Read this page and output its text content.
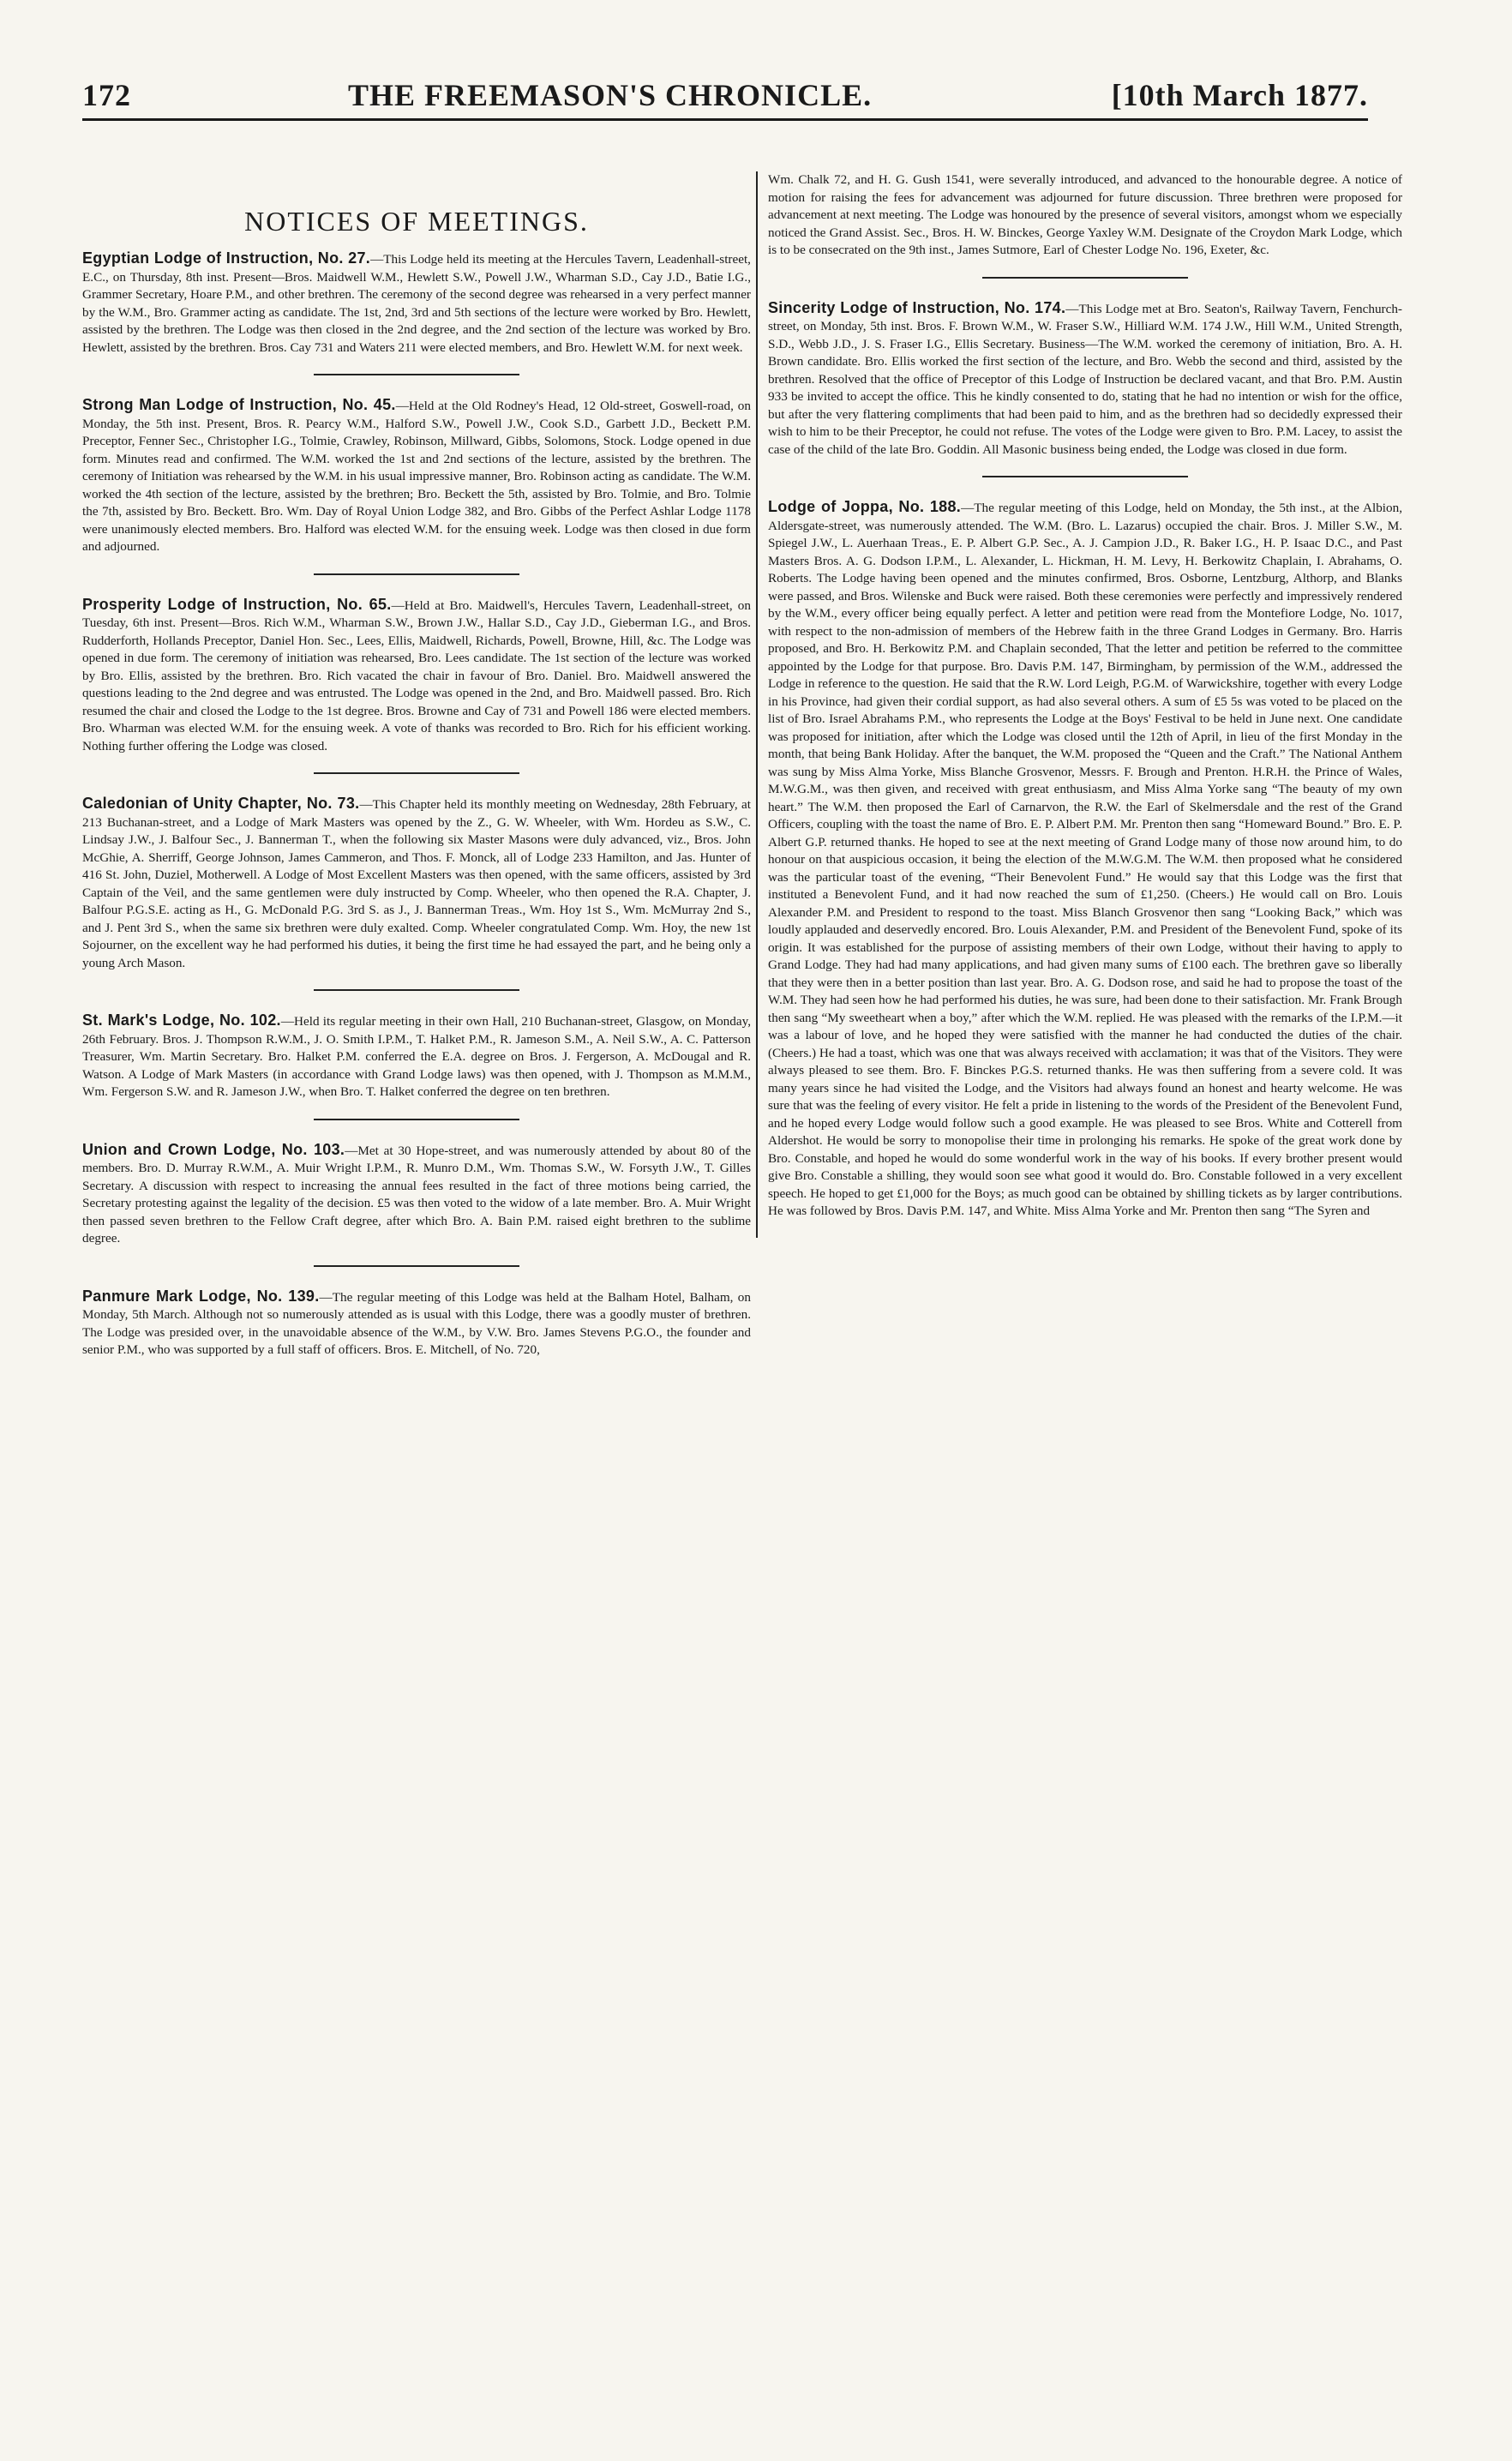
172	THE FREEMASON'S CHRONICLE.	[10th March 1877.
NOTICES OF MEETINGS.

Egyptian Lodge of Instruction, No. 27.—This Lodge held its meeting at the Hercules Tavern, Leadenhall-street, E.C., on Thursday, 8th inst. Present—Bros. Maidwell W.M., Hewlett S.W., Powell J.W., Wharman S.D., Cay J.D., Batie I.G., Grammer Secretary, Hoare P.M., and other brethren. The ceremony of the second degree was rehearsed in a very perfect manner by the W.M., Bro. Grammer acting as candidate. The 1st, 2nd, 3rd and 5th sections of the lecture were worked by Bro. Hewlett, assisted by the brethren. The Lodge was then closed in the 2nd degree, and the 2nd section of the lecture was worked by Bro. Hewlett, assisted by the brethren. Bros. Cay 731 and Waters 211 were elected members, and Bro. Hewlett W.M. for next week.

Strong Man Lodge of Instruction, No. 45.—Held at the Old Rodney's Head, 12 Old-street, Goswell-road, on Monday, the 5th inst. Present, Bros. R. Pearcy W.M., Halford S.W., Powell J.W., Cook S.D., Garbett J.D., Beckett P.M. Preceptor, Fenner Sec., Christopher I.G., Tolmie, Crawley, Robinson, Millward, Gibbs, Solomons, Stock. Lodge opened in due form. Minutes read and confirmed. The W.M. worked the 1st and 2nd sections of the lecture, assisted by the brethren. The ceremony of Initiation was rehearsed by the W.M. in his usual impressive manner, Bro. Robinson acting as candidate. The W.M. worked the 4th section of the lecture, assisted by the brethren; Bro. Beckett the 5th, assisted by Bro. Tolmie, and Bro. Tolmie the 7th, assisted by Bro. Beckett. Bro. Wm. Day of Royal Union Lodge 382, and Bro. Gibbs of the Perfect Ashlar Lodge 1178 were unanimously elected members. Bro. Halford was elected W.M. for the ensuing week. Lodge was then closed in due form and adjourned.

Prosperity Lodge of Instruction, No. 65.—Held at Bro. Maidwell's, Hercules Tavern, Leadenhall-street, on Tuesday, 6th inst. Present—Bros. Rich W.M., Wharman S.W., Brown J.W., Hallar S.D., Cay J.D., Gieberman I.G., and Bros. Rudderforth, Hollands Preceptor, Daniel Hon. Sec., Lees, Ellis, Maidwell, Richards, Powell, Browne, Hill, &c. The Lodge was opened in due form. The ceremony of initiation was rehearsed, Bro. Lees candidate. The 1st section of the lecture was worked by Bro. Ellis, assisted by the brethren. Bro. Rich vacated the chair in favour of Bro. Daniel. Bro. Maidwell answered the questions leading to the 2nd degree and was entrusted. The Lodge was opened in the 2nd, and Bro. Maidwell passed. Bro. Rich resumed the chair and closed the Lodge to the 1st degree. Bros. Browne and Cay of 731 and Powell 186 were elected members. Bro. Wharman was elected W.M. for the ensuing week. A vote of thanks was recorded to Bro. Rich for his efficient working. Nothing further offering the Lodge was closed.

Caledonian of Unity Chapter, No. 73.—This Chapter held its monthly meeting on Wednesday, 28th February, at 213 Buchanan-street, and a Lodge of Mark Masters was opened by the Z., G. W. Wheeler, with Wm. Hordeu as S.W., C. Lindsay J.W., J. Balfour Sec., J. Bannerman T., when the following six Master Masons were duly advanced, viz., Bros. John McGhie, A. Sherriff, George Johnson, James Cammeron, and Thos. F. Monck, all of Lodge 233 Hamilton, and Jas. Hunter of 416 St. John, Duziel, Motherwell. A Lodge of Most Excellent Masters was then opened, with the same officers, assisted by 3rd Captain of the Veil, and the same gentlemen were duly instructed by Comp. Wheeler, who then opened the R.A. Chapter, J. Balfour P.G.S.E. acting as H., G. McDonald P.G. 3rd S. as J., J. Bannerman Treas., Wm. Hoy 1st S., Wm. McMurray 2nd S., and J. Pent 3rd S., when the same six brethren were duly exalted. Comp. Wheeler congratulated Comp. Wm. Hoy, the new 1st Sojourner, on the excellent way he had performed his duties, it being the first time he had essayed the part, and he being only a young Arch Mason.

St. Mark's Lodge, No. 102.—Held its regular meeting in their own Hall, 210 Buchanan-street, Glasgow, on Monday, 26th February. Bros. J. Thompson R.W.M., J. O. Smith I.P.M., T. Halket P.M., R. Jameson S.M., A. Neil S.W., A. C. Patterson Treasurer, Wm. Martin Secretary. Bro. Halket P.M. conferred the E.A. degree on Bros. J. Fergerson, A. McDougal and R. Watson. A Lodge of Mark Masters (in accordance with Grand Lodge laws) was then opened, with J. Thompson as M.M.M., Wm. Fergerson S.W. and R. Jameson J.W., when Bro. T. Halket conferred the degree on ten brethren.

Union and Crown Lodge, No. 103.—Met at 30 Hope-street, and was numerously attended by about 80 of the members. Bro. D. Murray R.W.M., A. Muir Wright I.P.M., R. Munro D.M., Wm. Thomas S.W., W. Forsyth J.W., T. Gilles Secretary. A discussion with respect to increasing the annual fees resulted in the fact of three motions being carried, the Secretary protesting against the legality of the decision. £5 was then voted to the widow of a late member. Bro. A. Muir Wright then passed seven brethren to the Fellow Craft degree, after which Bro. A. Bain P.M. raised eight brethren to the sublime degree.

Panmure Mark Lodge, No. 139.—The regular meeting of this Lodge was held at the Balham Hotel, Balham, on Monday, 5th March. Although not so numerously attended as is usual with this Lodge, there was a goodly muster of brethren. The Lodge was presided over, in the unavoidable absence of the W.M., by V.W. Bro. James Stevens P.G.O., the founder and senior P.M., who was supported by a full staff of officers. Bros. E. Mitchell, of No. 720,

Wm. Chalk 72, and H. G. Gush 1541, were severally introduced, and advanced to the honourable degree. A notice of motion for raising the fees for advancement was adjourned for future discussion. Three brethren were proposed for advancement at next meeting. The Lodge was honoured by the presence of several visitors, amongst whom we especially noticed the Grand Assist. Sec., Bros. H. W. Binckes, George Yaxley W.M. Designate of the Croydon Mark Lodge, which is to be consecrated on the 9th inst., James Sutmore, Earl of Chester Lodge No. 196, Exeter, &c.

Sincerity Lodge of Instruction, No. 174.—This Lodge met at Bro. Seaton's, Railway Tavern, Fenchurch-street, on Monday, 5th inst. Bros. F. Brown W.M., W. Fraser S.W., Hilliard W.M. 174 J.W., Hill W.M., United Strength, S.D., Webb J.D., J. S. Fraser I.G., Ellis Secretary. Business—The W.M. worked the ceremony of initiation, Bro. A. H. Brown candidate. Bro. Ellis worked the first section of the lecture, and Bro. Webb the second and third, assisted by the brethren. Resolved that the office of Preceptor of this Lodge of Instruction be declared vacant, and that Bro. P.M. Austin 933 be invited to accept the office. This he kindly consented to do, stating that he had no intention or wish for the office, but after the very flattering compliments that had been paid to him, and as the brethren had so decidedly expressed their wish to him to be their Preceptor, he could not refuse. The votes of the Lodge were given to Bro. P.M. Lacey, to assist the case of the child of the late Bro. Goddin. All Masonic business being ended, the Lodge was closed in due form.

Lodge of Joppa, No. 188.—The regular meeting of this Lodge, held on Monday, the 5th inst., at the Albion, Aldersgate-street, was numerously attended. The W.M. (Bro. L. Lazarus) occupied the chair. Bros. J. Miller S.W., M. Spiegel J.W., L. Auerhaan Treas., E. P. Albert G.P. Sec., A. J. Campion J.D., R. Baker I.G., H. P. Isaac D.C., and Past Masters Bros. A. G. Dodson I.P.M., L. Alexander, L. Hickman, H. M. Levy, H. Berkowitz Chaplain, I. Abrahams, O. Roberts. The Lodge having been opened and the minutes confirmed, Bros. Osborne, Lentzburg, Althorp, and Blanks were passed, and Bros. Wilenske and Buck were raised. Both these ceremonies were perfectly and impressively rendered by the W.M., every officer being equally perfect. A letter and petition were read from the Montefiore Lodge, No. 1017, with respect to the non-admission of members of the Hebrew faith in the three Grand Lodges in Germany. Bro. Harris proposed, and Bro. H. Berkowitz P.M. and Chaplain seconded, That the letter and petition be referred to the committee appointed by the Lodge for that purpose. Bro. Davis P.M. 147, Birmingham, by permission of the W.M., addressed the Lodge in reference to the question. He said that the R.W. Lord Leigh, P.G.M. of Warwickshire, together with every Lodge in his Province, had given their cordial support, as had also several others. A sum of £5 5s was voted to be placed on the list of Bro. Israel Abrahams P.M., who represents the Lodge at the Boys' Festival to be held in June next. One candidate was proposed for initiation, after which the Lodge was closed until the 12th of April, in lieu of the first Monday in the month, that being Bank Holiday. After the banquet, the W.M. proposed the “Queen and the Craft.” The National Anthem was sung by Miss Alma Yorke, Miss Blanche Grosvenor, Messrs. F. Brough and Prenton. H.R.H. the Prince of Wales, M.W.G.M., was then given, and received with great enthusiasm, and Miss Alma Yorke sang “The beauty of my own heart.” The W.M. then proposed the Earl of Carnarvon, the R.W. the Earl of Skelmersdale and the rest of the Grand Officers, coupling with the toast the name of Bro. E. P. Albert P.M. Mr. Prenton then sang “Homeward Bound.” Bro. E. P. Albert G.P. returned thanks. He hoped to see at the next meeting of Grand Lodge many of those now around him, to do honour on that auspicious occasion, it being the election of the M.W.G.M. The W.M. then proposed what he considered was the particular toast of the evening, “Their Benevolent Fund.” He would say that this Lodge was the first that instituted a Benevolent Fund, and it had now reached the sum of £1,250. (Cheers.) He would call on Bro. Louis Alexander P.M. and President to respond to the toast. Miss Blanch Grosvenor then sang “Looking Back,” which was loudly applauded and deservedly encored. Bro. Louis Alexander, P.M. and President of the Benevolent Fund, spoke of its origin. It was established for the purpose of assisting members of their own Lodge, without their having to apply to Grand Lodge. They had had many applications, and had given many sums of £100 each. The brethren gave so liberally that they were then in a better position than last year. Bro. A. G. Dodson rose, and said he had to propose the toast of the W.M. They had seen how he had performed his duties, he was sure, had been done to their satisfaction. Mr. Frank Brough then sang “My sweetheart when a boy,” after which the W.M. replied. He was pleased with the remarks of the I.P.M.—it was a labour of love, and he hoped they were satisfied with the manner he had conducted the duties of the chair. (Cheers.) He had a toast, which was one that was always received with acclamation; it was that of the Visitors. They were always pleased to see them. Bro. F. Binckes P.G.S. returned thanks. He was then suffering from a severe cold. It was many years since he had visited the Lodge, and the Visitors had always found an honest and hearty welcome. He was sure that was the feeling of every visitor. He felt a pride in listening to the words of the President of the Benevolent Fund, and he hoped every Lodge would follow such a good example. He was pleased to see Bros. White and Cotterell from Aldershot. He would be sorry to monopolise their time in prolonging his remarks. He spoke of the great work done by Bro. Constable, and hoped he would do some wonderful work in the way of his books. If every brother present would give Bro. Constable a shilling, they would soon see what good it would do. Bro. Constable followed in a very excellent speech. He hoped to get £1,000 for the Boys; as much good can be obtained by shilling tickets as by larger contributions. He was followed by Bros. Davis P.M. 147, and White. Miss Alma Yorke and Mr. Prenton then sang “The Syren and
